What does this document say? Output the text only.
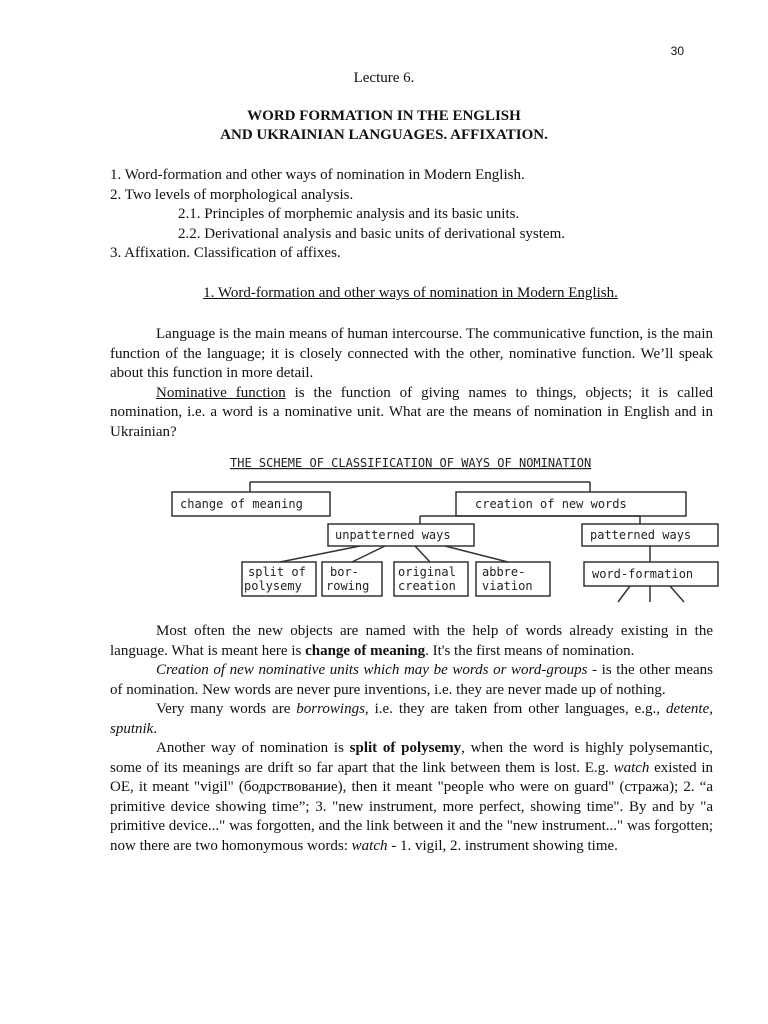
30
Lecture 6.
WORD FORMATION IN THE ENGLISH
AND UKRAINIAN LANGUAGES. AFFIXATION.
1. Word-formation and other ways of nomination in Modern English.
2. Two levels of morphological analysis.
2.1. Principles of morphemic analysis and its basic units.
2.2. Derivational analysis and basic units of derivational system.
3. Affixation. Classification of affixes.
1. Word-formation and other ways of nomination in Modern English.

Language is the main means of human intercourse. The communicative function, is the main function of the language; it is closely connected with the other, nominative function. We’ll speak about this function in more detail.

Nominative function is the function of giving names to things, objects; it is called nomination, i.e. a word is a nominative unit. What are the means of nomination in English and in Ukrainian?

THE SCHEME OF CLASSIFICATION OF WAYS OF NOMINATION
change of meaning	creation of new words
unpatterned ways	patterned ways
split of
polysemy
bor-
rowing
original
creation
abbre-
viation
word-formation

Most often the new objects are named with the help of words already existing in the language. What is meant here is change of meaning. It's the first means of nomination.

Creation of new nominative units which may be words or word-groups - is the other means of nomination. New words are never pure inventions, i.e. they are never made up of nothing.

Very many words are borrowings, i.e. they are taken from other languages, e.g., detente, sputnik.

Another way of nomination is split of polysemy, when the word is highly polysemantic, some of its meanings are drift so far apart that the link between them is lost. E.g. watch existed in OE, it meant "vigil" (бодрствование), then it meant "people who were on guard" (стража); 2. “a primitive device showing time”; 3. "new instrument, more perfect, showing time". By and by "a primitive device..." was forgotten, and the link between it and the "new instrument..." was forgotten; now there are two homonymous words: watch - 1. vigil, 2. instrument showing time.
